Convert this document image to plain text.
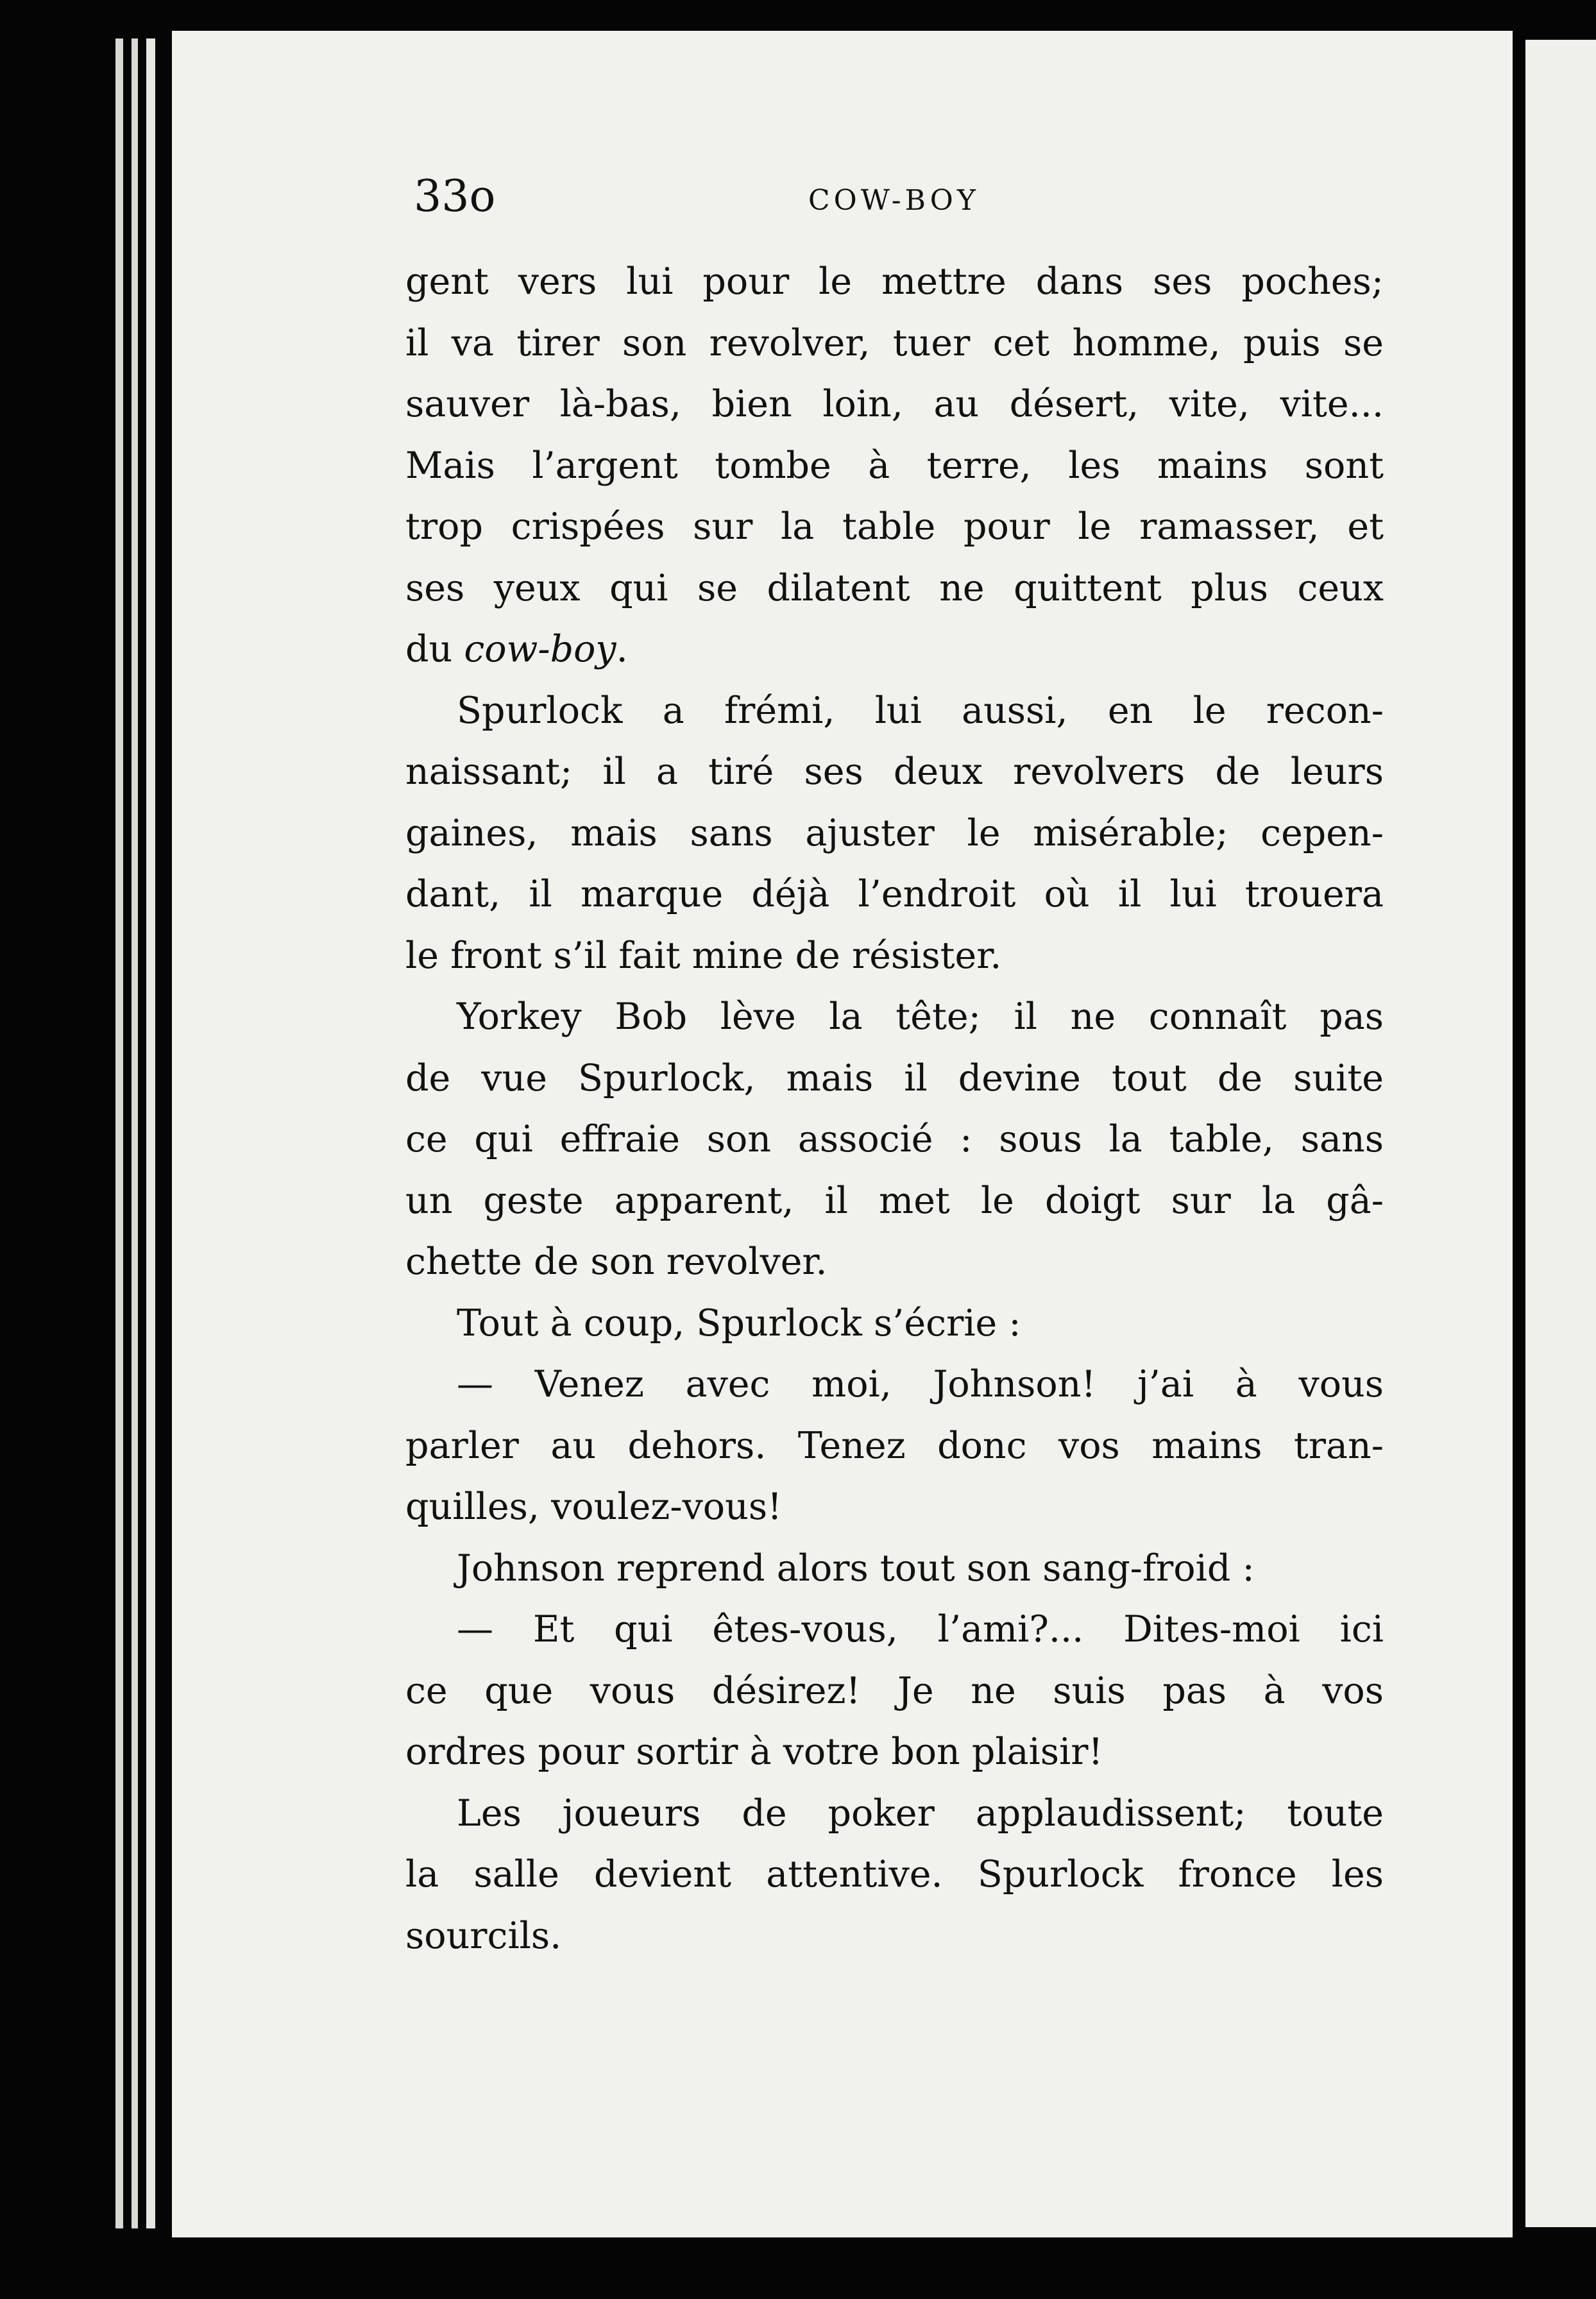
33o	COW-BOY
gent vers lui pour le mettre dans ses poches;
il va tirer son revolver, tuer cet homme, puis se
sauver là-bas, bien loin, au désert, vite, vite...
Mais l’argent tombe à terre, les mains sont
trop crispées sur la table pour le ramasser, et
ses yeux qui se dilatent ne quittent plus ceux
du cow-boy.
Spurlock a frémi, lui aussi, en le recon-
naissant; il a tiré ses deux revolvers de leurs
gaines, mais sans ajuster le misérable; cepen-
dant, il marque déjà l’endroit où il lui trouera
le front s’il fait mine de résister.
Yorkey Bob lève la tête; il ne connaît pas
de vue Spurlock, mais il devine tout de suite
ce qui effraie son associé : sous la table, sans
un geste apparent, il met le doigt sur la gâ-
chette de son revolver.
Tout à coup, Spurlock s’écrie :
— Venez avec moi, Johnson! j’ai à vous
parler au dehors. Tenez donc vos mains tran-
quilles, voulez-vous!
Johnson reprend alors tout son sang-froid :
— Et qui êtes-vous, l’ami?... Dites-moi ici
ce que vous désirez! Je ne suis pas à vos
ordres pour sortir à votre bon plaisir!
Les joueurs de poker applaudissent; toute
la salle devient attentive. Spurlock fronce les
sourcils.
